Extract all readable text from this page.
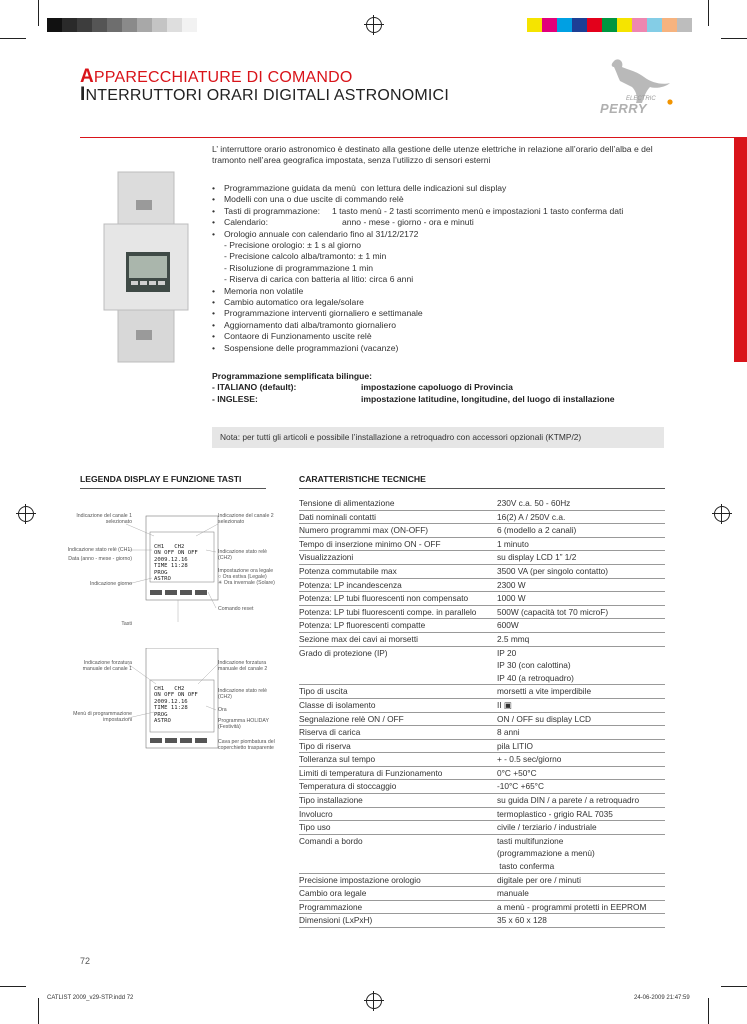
APPARECCHIATURE DI COMANDO
INTERRUTTORI ORARI DIGITALI ASTRONOMICI	ELECTRIC
PERRY
L’ interruttore orario astronomico è destinato alla gestione delle utenze elettriche in relazione all’orario dell’alba e del tramonto nell’area geografica impostata, senza l’utilizzo di sensori esterni
•	Programmazione guidata da menù  con lettura delle indicazioni sul display
•	Modelli con una o due uscite di commando relè
•	Tasti di programmazione:     1 tasto menù - 2 tasti scorrimento menù e impostazioni 1 tasto conferma dati
•	Calendario:                               anno - mese - giorno - ora e minuti
•	Orologio annuale con calendario fino al 31/12/2172
- Precisione orologio: ± 1 s al giorno
- Precisione calcolo alba/tramonto: ± 1 min
- Risoluzione di programmazione 1 min
- Riserva di carica con batteria al litio: circa 6 anni
•	Memoria non volatile
•	Cambio automatico ora legale/solare
•	Programmazione interventi giornaliero e settimanale
•	Aggiornamento dati alba/tramonto giornaliero
•	Contaore di Funzionamento uscite relè
•	Sospensione delle programmazioni (vacanze)
Programmazione semplificata bilingue:
- ITALIANO (default):	impostazione capoluogo di Provincia
- INGLESE:	impostazione latitudine, longitudine, del luogo di installazione
Nota: per tutti gli articoli e possibile l’installazione a retroquadro con accessori opzionali (KTMP/2)
LEGENDA DISPLAY E FUNZIONE TASTI	CARATTERISTICHE TECNICHE
CH1 CH2
ON OFF ON OFF
2009.12.16
TIME 11:28
PROG
ASTRO
Indicazione del canale 1 selezionato
Indicazione del canale 2 selezionato
Indicazione stato relè (CH1)
Data (anno - mese - giorno)
Indicazione stato relè (CH2)
Impostazione ora legale
○ Ora estiva (Legale)
✳ Ora invernale (Solare)
Indicazione giorno
Comando reset
Tasti
CH1 CH2
ON OFF ON OFF
2009.12.16
TIME 11:28
PROG
ASTRO
Indicazione forzatura manuale del canale 1
Indicazione forzatura manuale del canale 2
Indicazione stato relè (CH2)
Menù di programmazione impostazioni
Ora
Programma HOLIDAY (Festività)
Cava per piombatura del coperchietto trasparente
Tensione di alimentazione	230V c.a. 50 - 60Hz
Dati nominali contatti	16(2) A / 250V c.a.
Numero programmi max (ON-OFF)	6 (modello a 2 canali)
Tempo di inserzione minimo ON - OFF	1 minuto
Visualizzazioni	su display LCD 1” 1/2
Potenza commutabile max	3500 VA (per singolo contatto)
Potenza: LP incandescenza	2300 W
Potenza: LP tubi fluorescenti non compensato	1000 W
Potenza: LP tubi fluorescenti compe. in parallelo	500W (capacità tot 70 microF)
Potenza: LP fluorescenti compatte	600W
Sezione max dei cavi ai morsetti	2.5 mmq
Grado di protezione (IP)	IP 20
IP 30 (con calottina)
IP 40 (a retroquadro)
Tipo di uscita	morsetti a vite imperdibile
Classe di isolamento	II ▣
Segnalazione relè ON / OFF	ON / OFF su display LCD
Riserva di carica	8 anni
Tipo di riserva	pila LITIO
Tolleranza sul tempo	+ - 0.5 sec/giorno
Limiti di temperatura di Funzionamento	0°C +50°C
Temperatura di stoccaggio	-10°C +65°C
Tipo installazione	su guida DIN / a parete / a retroquadro
Involucro	termoplastico - grigio RAL 7035
Tipo uso	civile / terziario / industriale
Comandi a bordo	tasti multifunzione
(programmazione a menù)
tasto conferma
Precisione impostazione orologio	digitale per ore / minuti
Cambio ora legale	manuale
Programmazione	a menù - programmi protetti in EEPROM
Dimensioni (LxPxH)	35 x 60 x 128
72
CATLIST 2009_v29-STP.indd 72	24-06-2009 21:47:59
